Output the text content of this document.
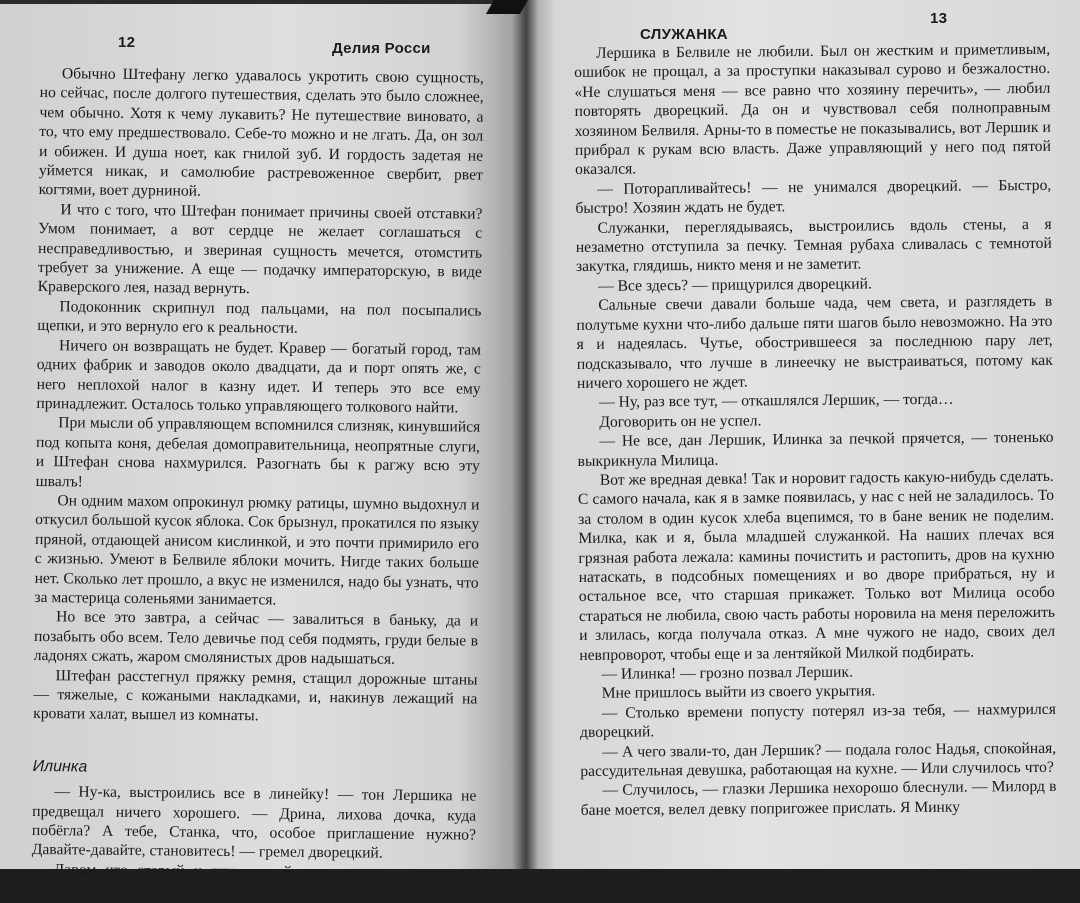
12	Делия Росси

Обычно Штефану легко удавалось укротить свою сущность, но сейчас, после долгого путешествия, сделать это было сложнее, чем обычно. Хотя к чему лукавить? Не путешествие виновато, а то, что ему предшествовало. Себе-то можно и не лгать. Да, он зол и обижен. И душа ноет, как гнилой зуб. И гордость задетая не уймется никак, и самолюбие растревоженное свербит, рвет когтями, воет дурниной.

И что с того, что Штефан понимает причины своей отставки? Умом понимает, а вот сердце не желает соглашаться с несправедливостью, и звериная сущность мечется, отомстить требует за унижение. А еще — подачку императорскую, в виде Краверского лея, назад вернуть.

Подоконник скрипнул под пальцами, на пол посыпались щепки, и это вернуло его к реальности.

Ничего он возвращать не будет. Кравер — богатый город, там одних фабрик и заводов около двадцати, да и порт опять же, с него неплохой налог в казну идет. И теперь это все ему принадлежит. Осталось только управляющего толкового найти.

При мысли об управляющем вспомнился слизняк, кинувшийся под копыта коня, дебелая домоправительница, неопрятные слуги, и Штефан снова нахмурился. Разогнать бы к рагжу всю эту швалъ!

Он одним махом опрокинул рюмку ратицы, шумно выдохнул и откусил большой кусок яблока. Сок брызнул, прокатился по языку пряной, отдающей анисом кислинкой, и это почти примирило его с жизнью. Умеют в Белвиле яблоки мочить. Нигде таких больше нет. Сколько лет прошло, а вкус не изменился, надо бы узнать, что за мастерица соленьями занимается.

Но все это завтра, а сейчас — завалиться в баньку, да и позабыть обо всем. Тело девичье под себя подмять, груди белые в ладонях сжать, жаром смолянистых дров надышаться.

Штефан расстегнул пряжку ремня, стащил дорожные штаны — тяжелые, с кожаными накладками, и, накинув лежащий на кровати халат, вышел из комнаты.

Илинка

— Ну-ка, выстроились все в линейку! — тон Лершика не предвещал ничего хорошего. — Дрина, лихова дочка, куда побёгла? А тебе, Станка, что, особое приглашение нужно? Давайте-давайте, становитесь! — гремел дворецкий.

Даром что старый и тщедушный, а голосина — мертвого поднимет!

13
СЛУЖАНКА

Лершика в Белвиле не любили. Был он жестким и приметливым, ошибок не прощал, а за проступки наказывал сурово и безжалостно. «Не слушаться меня — все равно что хозяину перечить», — любил повторять дворецкий. Да он и чувствовал себя полноправным хозяином Белвиля. Арны-то в поместье не показывались, вот Лершик и прибрал к рукам всю власть. Даже управляющий у него под пятой оказался.

— Поторапливайтесь! — не унимался дворецкий. — Быстро, быстро! Хозяин ждать не будет.

Служанки, переглядываясь, выстроились вдоль стены, а я незаметно отступила за печку. Темная рубаха сливалась с темнотой закутка, глядишь, никто меня и не заметит.

— Все здесь? — прищурился дворецкий.

Сальные свечи давали больше чада, чем света, и разглядеть в полутьме кухни что-либо дальше пяти шагов было невозможно. На это я и надеялась. Чутье, обострившееся за последнюю пару лет, подсказывало, что лучше в линеечку не выстраиваться, потому как ничего хорошего не ждет.

— Ну, раз все тут, — откашлялся Лершик, — тогда…

Договорить он не успел.

— Не все, дан Лершик, Илинка за печкой прячется, — тоненько выкрикнула Милица.

Вот же вредная девка! Так и норовит гадость какую-нибудь сделать. С самого начала, как я в замке появилась, у нас с ней не заладилось. То за столом в один кусок хлеба вцепимся, то в бане веник не поделим. Милка, как и я, была младшей служанкой. На наших плечах вся грязная работа лежала: камины почистить и растопить, дров на кухню натаскать, в подсобных помещениях и во дворе прибраться, ну и остальное все, что старшая прикажет. Только вот Милица особо стараться не любила, свою часть работы норовила на меня переложить и злилась, когда получала отказ. А мне чужого не надо, своих дел невпроворот, чтобы еще и за лентяйкой Милкой подбирать.

— Илинка! — грозно позвал Лершик.

Мне пришлось выйти из своего укрытия.

— Столько времени попусту потерял из-за тебя, — нахмурился дворецкий.

— А чего звали-то, дан Лершик? — подала голос Надья, спокойная, рассудительная девушка, работающая на кухне. — Или случилось что?

— Случилось, — глазки Лершика нехорошо блеснули. — Милорд в бане моется, велел девку попригожее прислать. Я Минку
